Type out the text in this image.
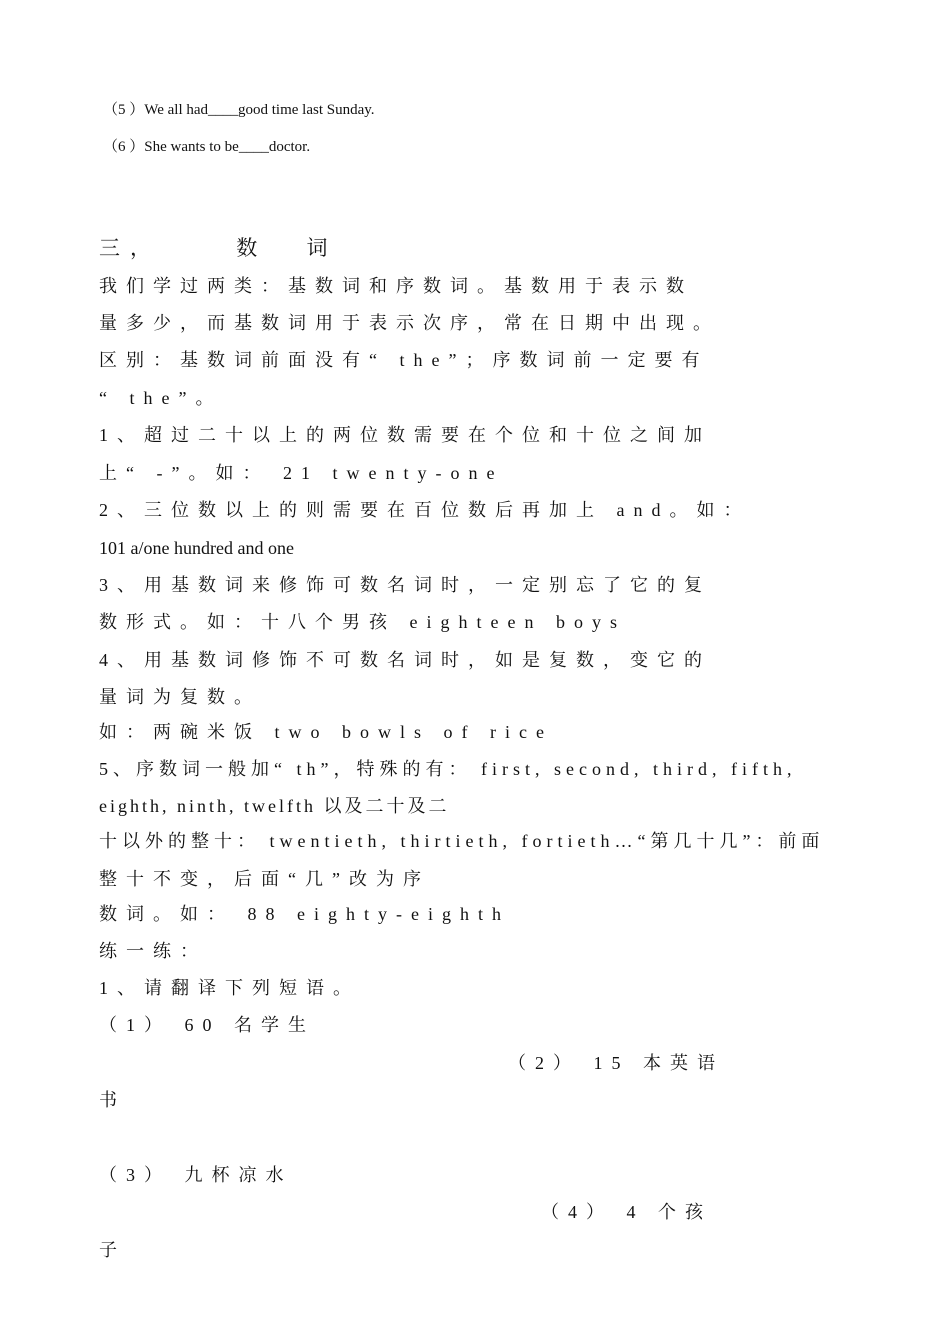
（5 ）We all had____good time last Sunday.
（6 ）She wants to be____doctor.
三，	数 词
我们学过两类：基数词和序数词。基数用于表示数
量多少，而基数词用于表示次序，常在日期中出现。
区别：基数词前面没有“ the”；序数词前一定要有
“ the”。
1、超过二十以上的两位数需要在个位和十位之间加
上“ -”。如： 21 twenty-one
2、三位数以上的则需要在百位数后再加上 and。如：
101 a/one hundred and one
3、用基数词来修饰可数名词时，一定别忘了它的复
数形式。如：十八个男孩 eighteen boys
4、用基数词修饰不可数名词时，如是复数，变它的
量词为复数。
如：两碗米饭 two bowls of rice
5、序数词一般加“ th”，特殊的有： first, second, third, fifth,
eighth, ninth, twelfth 以及二十及二
十以外的整十： twentieth, thirtieth, fortieth…“第几十几”：前面
整十不变，后面“几”改为序
数词。如： 88 eighty-eighth
练一练：
1、请翻译下列短语。
（1） 60 名学生
（2） 15 本英语
书
（3） 九杯凉水
（4） 4 个孩
子
